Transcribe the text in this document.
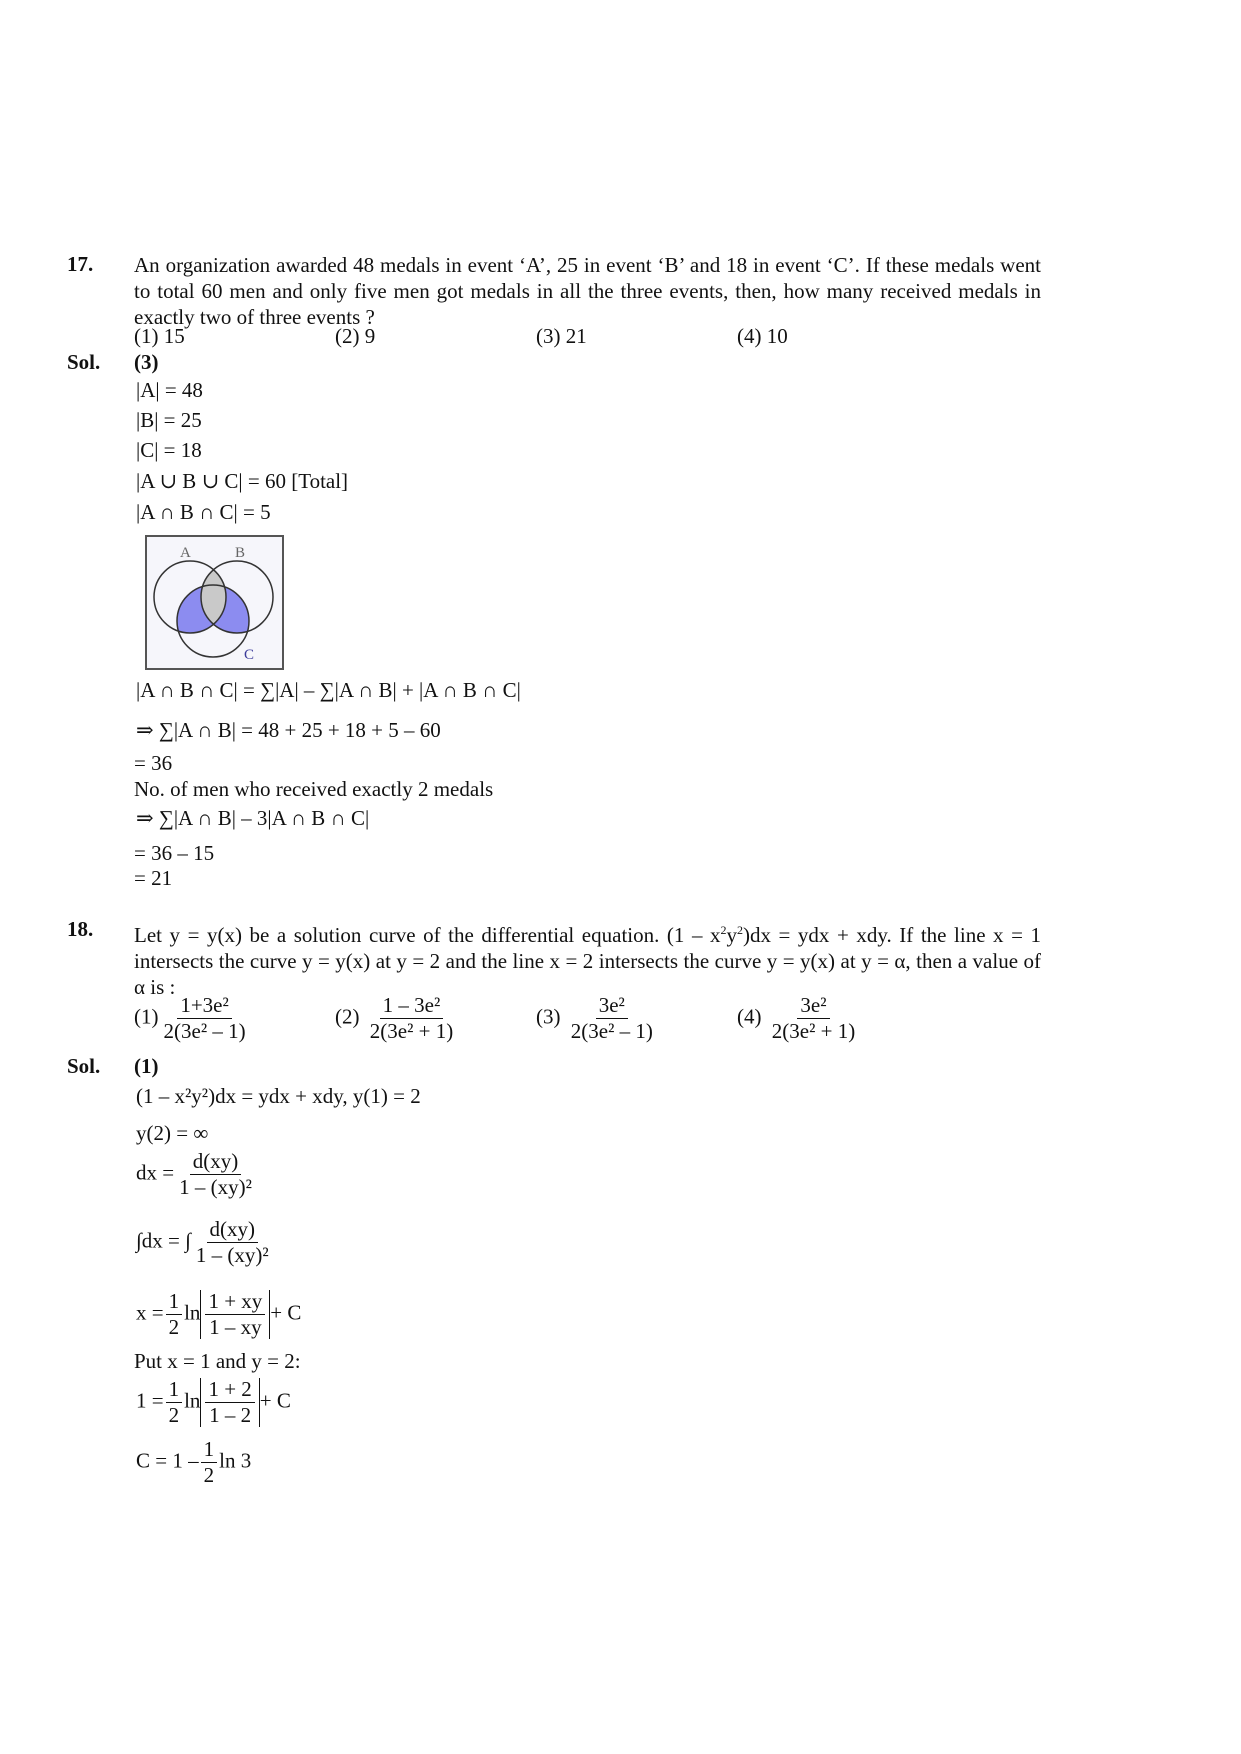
17. An organization awarded 48 medals in event ‘A’, 25 in event ‘B’ and 18 in event ‘C’. If these medals went to total 60 men and only five men got medals in all the three events, then, how many received medals in exactly two of three events ?
(1) 15	(2) 9	(3) 21	(4) 10
Sol. (3)
|A| = 48
|B| = 25
|C| = 18
|A ∪ B ∪ C| = 60 [Total]
|A ∩ B ∩ C| = 5
A	B
C
|A ∩ B ∩ C| = ∑|A| – ∑|A ∩ B| + |A ∩ B ∩ C|
⇒ ∑|A ∩ B| = 48 + 25 + 18 + 5 – 60
= 36
No. of men who received exactly 2 medals
⇒ ∑|A ∩ B| – 3|A ∩ B ∩ C|
= 36 – 15
= 21
18. Let y = y(x) be a solution curve of the differential equation. $(1 - x^2y^2)dx$ = ydx + xdy. If the line x = 1 intersects the curve y = y(x) at y = 2 and the line x = 2 intersects the curve y = y(x) at y = α, then a value of α is :
$(1) \frac{\text{1+3e²}}{\text{2(3e² – 1)}}$	$(2) \frac{\text{1 – 3e²}}{\text{2(3e² + 1)}}$	$(3) \frac{\text{3e²}}{\text{2(3e² – 1)}}$	$(4) \frac{\text{3e²}}{\text{2(3e² + 1)}}$
Sol. (1)
(1 – x²y²)dx = ydx + xdy, y(1) = 2
y(2) = ∞
dx = $\frac{d(xy)}{\text{1 – (xy)²}}$
∫dx = ∫ $\frac{d(xy)}{\text{1 – (xy)²}}$
$x = \frac{1}{2}$ $\ln \frac{1 + xy}{1 - xy} + C$
Put x = 1 and y = 2:
$1 = \frac{1}{2}$ $\ln \frac{1 + 2}{1 - 2} + C$
$C = 1 - \frac{1}{2}$ ln 3
